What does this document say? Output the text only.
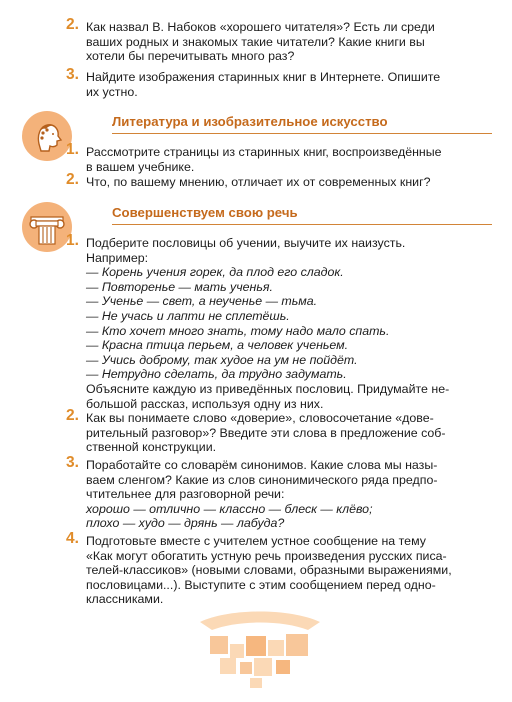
2. Как назвал В. Набоков «хорошего читателя»? Есть ли среди
ваших родных и знакомых такие читатели? Какие книги вы
хотели бы перечитывать много раз?
3. Найдите изображения старинных книг в Интернете. Опишите
их устно.
Литература и изобразительное искусство
1. Рассмотрите страницы из старинных книг, воспроизведённые
в вашем учебнике.
2. Что, по вашему мнению, отличает их от современных книг?
Совершенствуем свою речь
1. Подберите пословицы об учении, выучите их наизусть.
Например:
— Корень учения горек, да плод его сладок.
— Повторенье — мать ученья.
— Ученье — свет, а неученье — тьма.
— Не учась и лапти не сплетёшь.
— Кто хочет много знать, тому надо мало спать.
— Красна птица перьем, а человек ученьем.
— Учись доброму, так худое на ум не пойдёт.
— Нетрудно сделать, да трудно задумать.
Объясните каждую из приведённых пословиц. Придумайте не-
большой рассказ, используя одну из них.
2. Как вы понимаете слово «доверие», словосочетание «дове-
рительный разговор»? Введите эти слова в предложение соб-
ственной конструкции.
3. Поработайте со словарём синонимов. Какие слова мы назы-
ваем сленгом? Какие из слов синонимического ряда предпо-
чтительнее для разговорной речи:
хорошо — отлично — классно — блеск — клёво;
плохо — худо — дрянь — лабуда?
4. Подготовьте вместе с учителем устное сообщение на тему
«Как могут обогатить устную речь произведения русских писа-
телей-классиков» (новыми словами, образными выражениями,
пословицами...). Выступите с этим сообщением перед одно-
классниками.
